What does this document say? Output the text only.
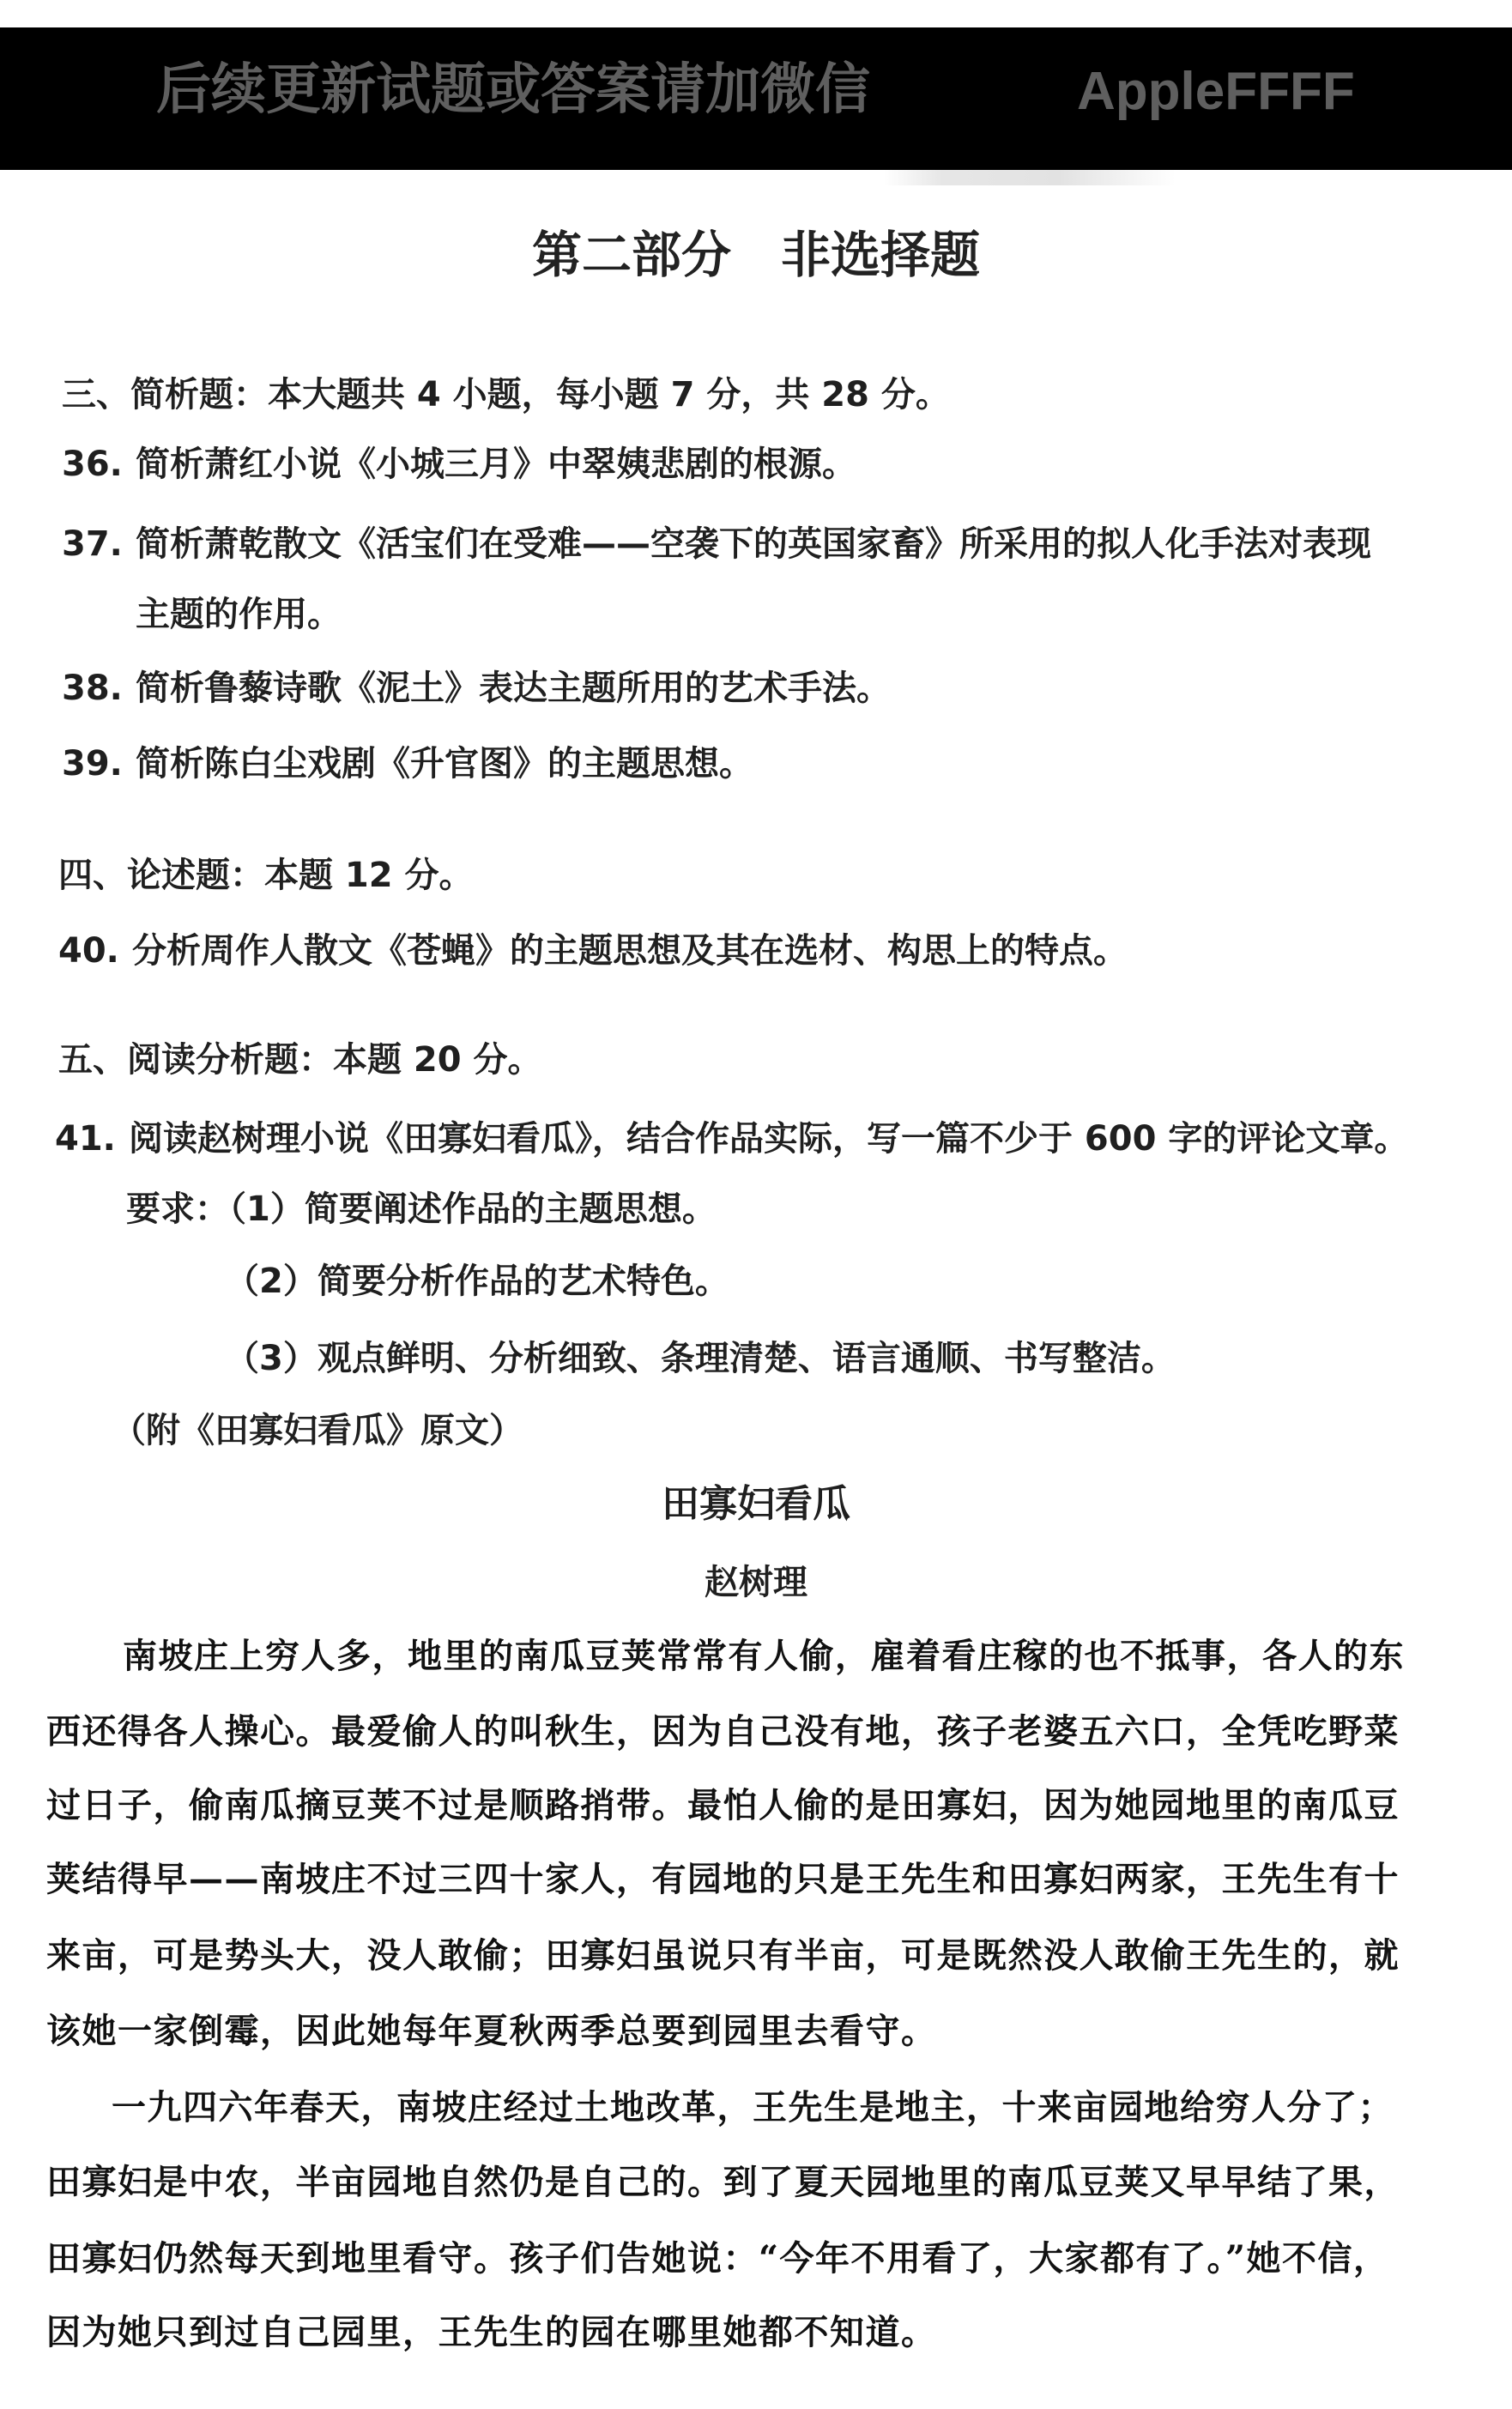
后续更新试题或答案请加微信	AppleFFFF
第二部分　非选择题
三、简析题：本大题共 4 小题，每小题 7 分，共 28 分。
36. 简析萧红小说《小城三月》中翠姨悲剧的根源。
37. 简析萧乾散文《活宝们在受难——空袭下的英国家畜》所采用的拟人化手法对表现
主题的作用。
38. 简析鲁藜诗歌《泥土》表达主题所用的艺术手法。
39. 简析陈白尘戏剧《升官图》的主题思想。
四、论述题：本题 12 分。
40. 分析周作人散文《苍蝇》的主题思想及其在选材、构思上的特点。
五、阅读分析题：本题 20 分。
41. 阅读赵树理小说《田寡妇看瓜》，结合作品实际，写一篇不少于 600 字的评论文章。
要求：（1）简要阐述作品的主题思想。
（2）简要分析作品的艺术特色。
（3）观点鲜明、分析细致、条理清楚、语言通顺、书写整洁。
（附《田寡妇看瓜》原文）
田寡妇看瓜
赵树理
南坡庄上穷人多，地里的南瓜豆荚常常有人偷，雇着看庄稼的也不抵事，各人的东
西还得各人操心。最爱偷人的叫秋生，因为自己没有地，孩子老婆五六口，全凭吃野菜
过日子，偷南瓜摘豆荚不过是顺路捎带。最怕人偷的是田寡妇，因为她园地里的南瓜豆
荚结得早——南坡庄不过三四十家人，有园地的只是王先生和田寡妇两家，王先生有十
来亩，可是势头大，没人敢偷；田寡妇虽说只有半亩，可是既然没人敢偷王先生的，就
该她一家倒霉，因此她每年夏秋两季总要到园里去看守。
一九四六年春天，南坡庄经过土地改革，王先生是地主，十来亩园地给穷人分了；
田寡妇是中农，半亩园地自然仍是自己的。到了夏天园地里的南瓜豆荚又早早结了果，
田寡妇仍然每天到地里看守。孩子们告她说：“今年不用看了，大家都有了。”她不信，
因为她只到过自己园里，王先生的园在哪里她都不知道。
